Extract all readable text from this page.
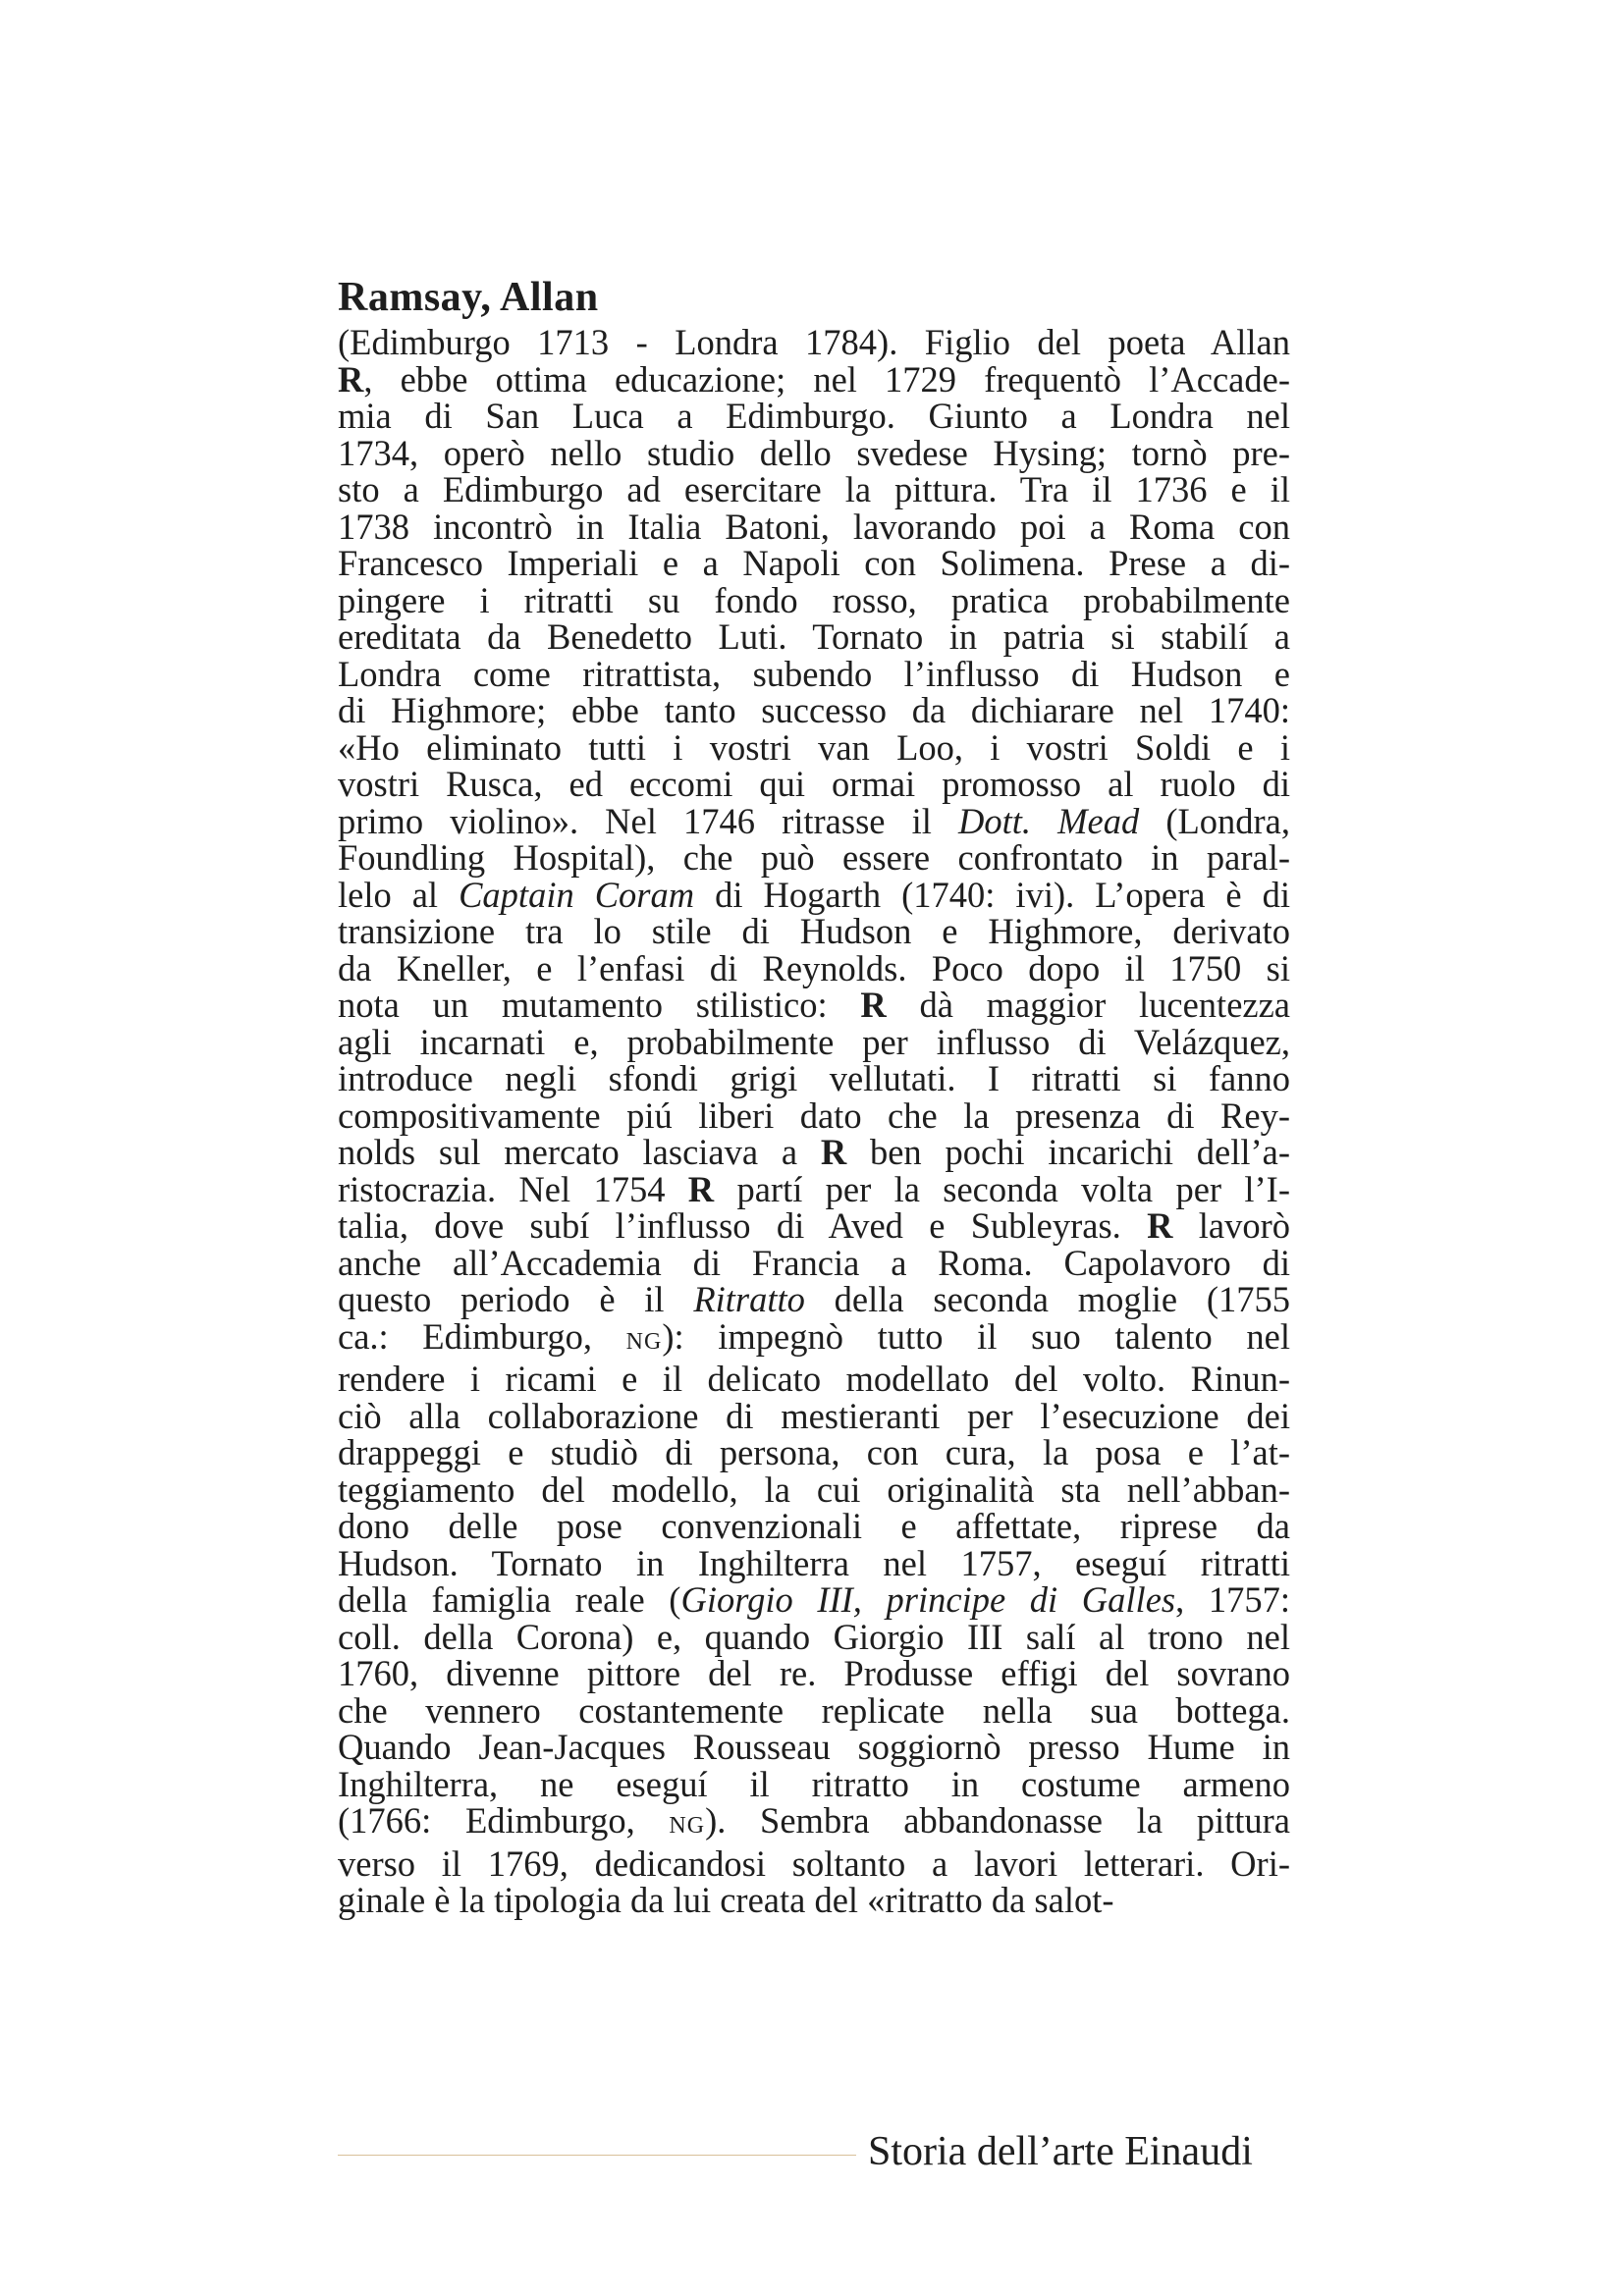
Ramsay, Allan
(Edimburgo 1713 - Londra 1784). Figlio del poeta Allan
R, ebbe ottima educazione; nel 1729 frequentò l’Accade-
mia di San Luca a Edimburgo. Giunto a Londra nel
1734, operò nello studio dello svedese Hysing; tornò pre-
sto a Edimburgo ad esercitare la pittura. Tra il 1736 e il
1738 incontrò in Italia Batoni, lavorando poi a Roma con
Francesco Imperiali e a Napoli con Solimena. Prese a di-
pingere i ritratti su fondo rosso, pratica probabilmente
ereditata da Benedetto Luti. Tornato in patria si stabilí a
Londra come ritrattista, subendo l’influsso di Hudson e
di Highmore; ebbe tanto successo da dichiarare nel 1740:
«Ho eliminato tutti i vostri van Loo, i vostri Soldi e i
vostri Rusca, ed eccomi qui ormai promosso al ruolo di
primo violino». Nel 1746 ritrasse il Dott. Mead (Londra,
Foundling Hospital), che può essere confrontato in paral-
lelo al Captain Coram di Hogarth (1740: ivi). L’opera è di
transizione tra lo stile di Hudson e Highmore, derivato
da Kneller, e l’enfasi di Reynolds. Poco dopo il 1750 si
nota un mutamento stilistico: R dà maggior lucentezza
agli incarnati e, probabilmente per influsso di Velázquez,
introduce negli sfondi grigi vellutati. I ritratti si fanno
compositivamente piú liberi dato che la presenza di Rey-
nolds sul mercato lasciava a R ben pochi incarichi dell’a-
ristocrazia. Nel 1754 R partí per la seconda volta per l’I-
talia, dove subí l’influsso di Aved e Subleyras. R lavorò
anche all’Accademia di Francia a Roma. Capolavoro di
questo periodo è il Ritratto della seconda moglie (1755
ca.: Edimburgo, NG): impegnò tutto il suo talento nel
rendere i ricami e il delicato modellato del volto. Rinun-
ciò alla collaborazione di mestieranti per l’esecuzione dei
drappeggi e studiò di persona, con cura, la posa e l’at-
teggiamento del modello, la cui originalità sta nell’abban-
dono delle pose convenzionali e affettate, riprese da
Hudson. Tornato in Inghilterra nel 1757, eseguí ritratti
della famiglia reale (Giorgio III, principe di Galles, 1757:
coll. della Corona) e, quando Giorgio III salí al trono nel
1760, divenne pittore del re. Produsse effigi del sovrano
che vennero costantemente replicate nella sua bottega.
Quando Jean-Jacques Rousseau soggiornò presso Hume in
Inghilterra, ne eseguí il ritratto in costume armeno
(1766: Edimburgo, NG). Sembra abbandonasse la pittura
verso il 1769, dedicandosi soltanto a lavori letterari. Ori-
ginale è la tipologia da lui creata del «ritratto da salot-
Storia dell’arte Einaudi
